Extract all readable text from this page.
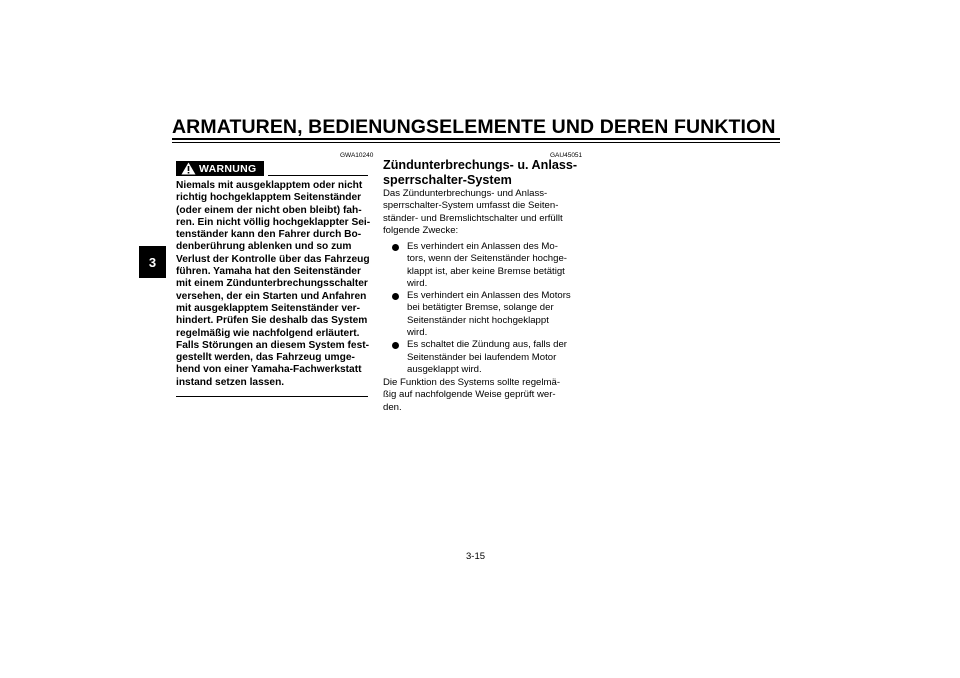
ARMATUREN, BEDIENUNGSELEMENTE UND DEREN FUNKTION
3
GWA10240
WARNUNG
Niemals mit ausgeklapptem oder nicht
richtig hochgeklapptem Seitenständer
(oder einem der nicht oben bleibt) fah-
ren. Ein nicht völlig hochgeklappter Sei-
tenständer kann den Fahrer durch Bo-
denberührung ablenken und so zum
Verlust der Kontrolle über das Fahrzeug
führen. Yamaha hat den Seitenständer
mit einem Zündunterbrechungsschalter
versehen, der ein Starten und Anfahren
mit ausgeklapptem Seitenständer ver-
hindert. Prüfen Sie deshalb das System
regelmäßig wie nachfolgend erläutert.
Falls Störungen an diesem System fest-
gestellt werden, das Fahrzeug umge-
hend von einer Yamaha-Fachwerkstatt
instand setzen lassen.
GAU45051
Zündunterbrechungs- u. Anlass-
sperrschalter-System
Das Zündunterbrechungs- und Anlass-
sperrschalter-System umfasst die Seiten-
ständer- und Bremslichtschalter und erfüllt
folgende Zwecke:
Es verhindert ein Anlassen des Mo-
tors, wenn der Seitenständer hochge-
klappt ist, aber keine Bremse betätigt
wird.
Es verhindert ein Anlassen des Motors
bei betätigter Bremse, solange der
Seitenständer nicht hochgeklappt
wird.
Es schaltet die Zündung aus, falls der
Seitenständer bei laufendem Motor
ausgeklappt wird.
Die Funktion des Systems sollte regelmä-
ßig auf nachfolgende Weise geprüft wer-
den.
3-15
